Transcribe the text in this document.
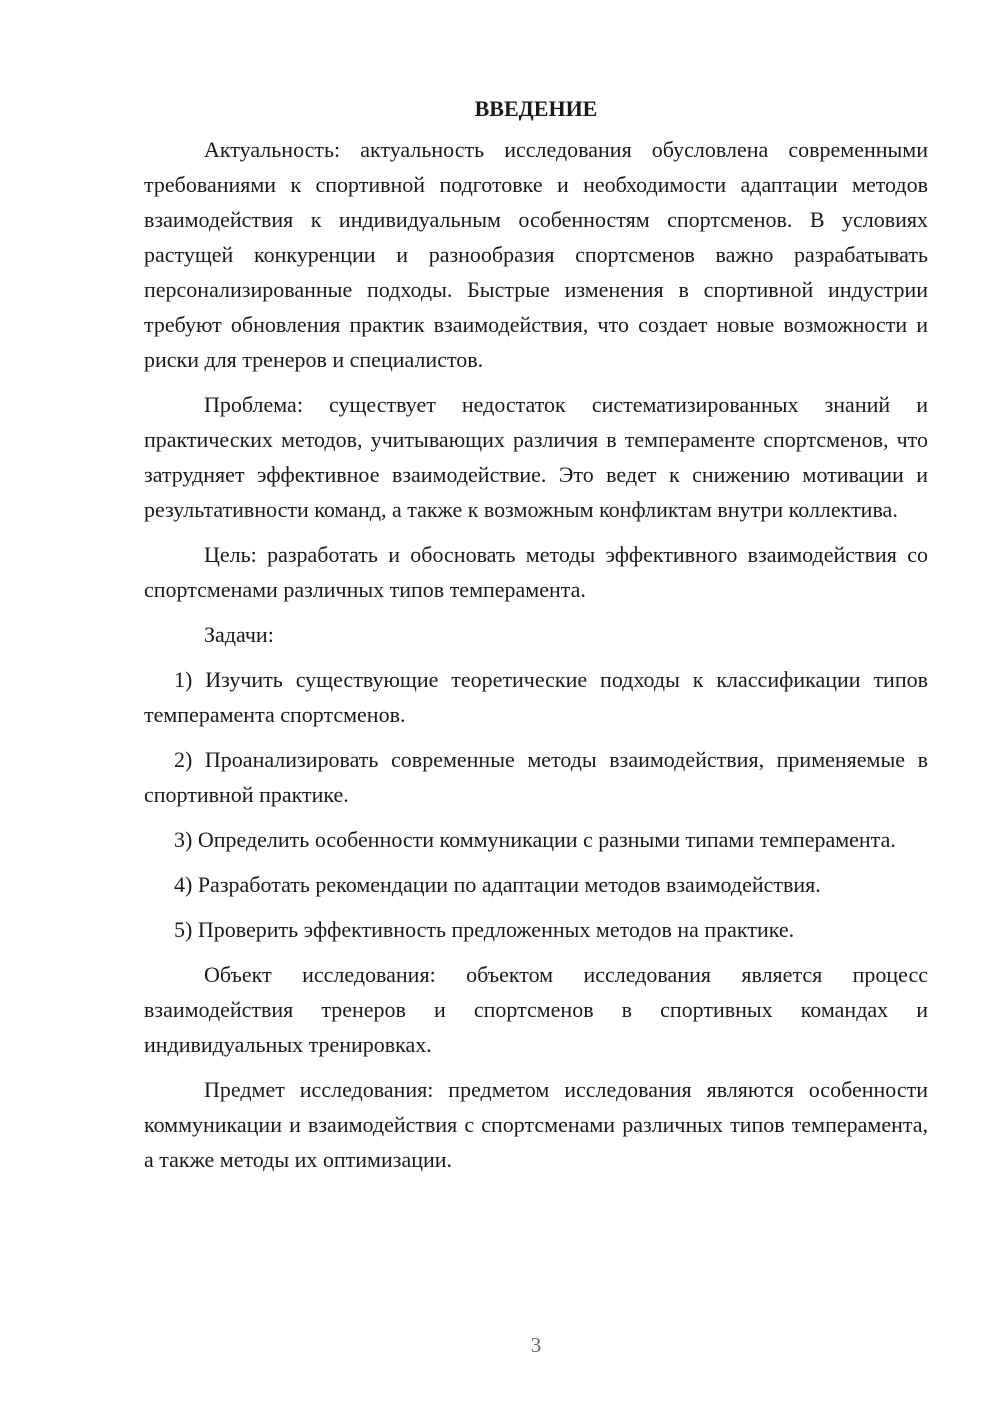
ВВЕДЕНИЕ

Актуальность: актуальность исследования обусловлена современными требованиями к спортивной подготовке и необходимости адаптации методов взаимодействия к индивидуальным особенностям спортсменов. В условиях растущей конкуренции и разнообразия спортсменов важно разрабатывать персонализированные подходы. Быстрые изменения в спортивной индустрии требуют обновления практик взаимодействия, что создает новые возможности и риски для тренеров и специалистов.

Проблема: существует недостаток систематизированных знаний и практических методов, учитывающих различия в темпераменте спортсменов, что затрудняет эффективное взаимодействие. Это ведет к снижению мотивации и результативности команд, а также к возможным конфликтам внутри коллектива.

Цель: разработать и обосновать методы эффективного взаимодействия со спортсменами различных типов темперамента.

Задачи:

1) Изучить существующие теоретические подходы к классификации типов темперамента спортсменов.

2) Проанализировать современные методы взаимодействия, применяемые в спортивной практике.

3) Определить особенности коммуникации с разными типами темперамента.

4) Разработать рекомендации по адаптации методов взаимодействия.

5) Проверить эффективность предложенных методов на практике.

Объект исследования: объектом исследования является процесс взаимодействия тренеров и спортсменов в спортивных командах и индивидуальных тренировках.

Предмет исследования: предметом исследования являются особенности коммуникации и взаимодействия с спортсменами различных типов темперамента, а также методы их оптимизации.

3
